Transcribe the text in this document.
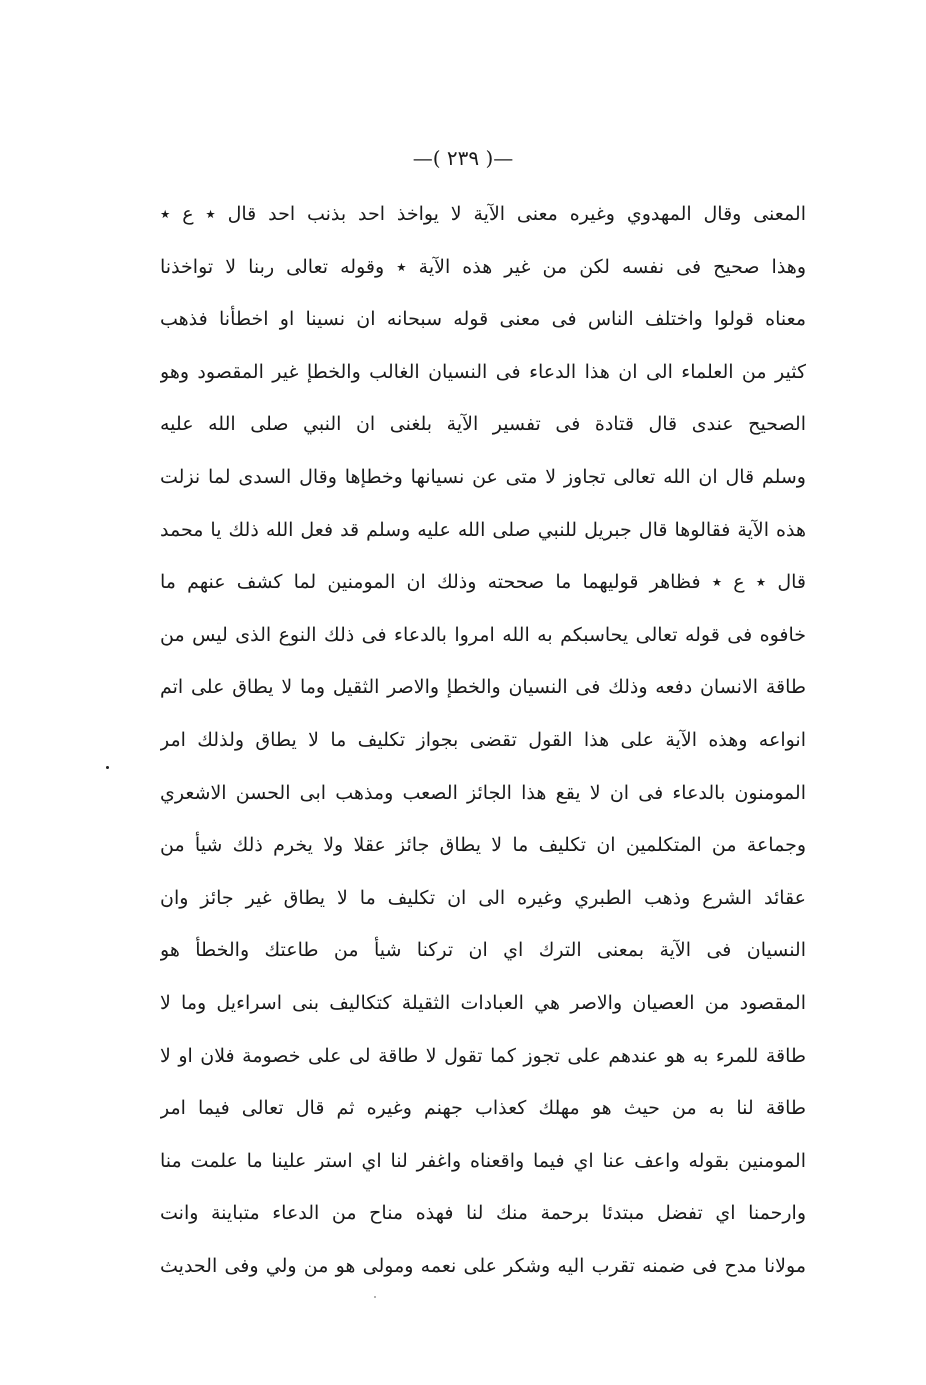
—( ٢٣٩ )—
المعنى وقال المهدوي وغيره معنى الآية لا يواخذ احد بذنب احد قال ٭ ع ٭
وهذا صحيح فى نفسه لكن من غير هذه الآية ٭ وقوله تعالى ربنا لا تواخذنا
معناه قولوا واختلف الناس فى معنى قوله سبحانه ان نسينا او اخطأنا فذهب
كثير من العلماء الى ان هذا الدعاء فى النسيان الغالب والخطإ غير المقصود وهو
الصحيح عندى قال قتادة فى تفسير الآية بلغنى ان النبي صلى الله عليه
وسلم قال ان الله تعالى تجاوز لا متى عن نسيانها وخطإها وقال السدى لما نزلت
هذه الآية فقالوها قال جبريل للنبي صلى الله عليه وسلم قد فعل الله ذلك يا محمد
قال ٭ ع ٭ فظاهر قوليهما ما صححته وذلك ان المومنين لما كشف عنهم ما
خافوه فى قوله تعالى يحاسبكم به الله امروا بالدعاء فى ذلك النوع الذى ليس من
طاقة الانسان دفعه وذلك فى النسيان والخطإ والاصر الثقيل وما لا يطاق على اتم
انواعه وهذه الآية على هذا القول تقضى بجواز تكليف ما لا يطاق ولذلك امر
المومنون بالدعاء فى ان لا يقع هذا الجائز الصعب ومذهب ابى الحسن الاشعري
وجماعة من المتكلمين ان تكليف ما لا يطاق جائز عقلا ولا يخرم ذلك شيأ من
عقائد الشرع وذهب الطبري وغيره الى ان تكليف ما لا يطاق غير جائز وان
النسيان فى الآية بمعنى الترك اي ان تركنا شيأ من طاعتك والخطأ هو
المقصود من العصيان والاصر هي العبادات الثقيلة كتكاليف بنى اسراءيل وما لا
طاقة للمرء به هو عندهم على تجوز كما تقول لا طاقة لى على خصومة فلان او لا
طاقة لنا به من حيث هو مهلك كعذاب جهنم وغيره ثم قال تعالى فيما امر
المومنين بقوله واعف عنا اي فيما واقعناه واغفر لنا اي استر علينا ما علمت منا
وارحمنا اي تفضل مبتدئا برحمة منك لنا فهذه مناح من الدعاء متباينة وانت
مولانا مدح فى ضمنه تقرب اليه وشكر على نعمه ومولى هو من ولي وفى الحديث
